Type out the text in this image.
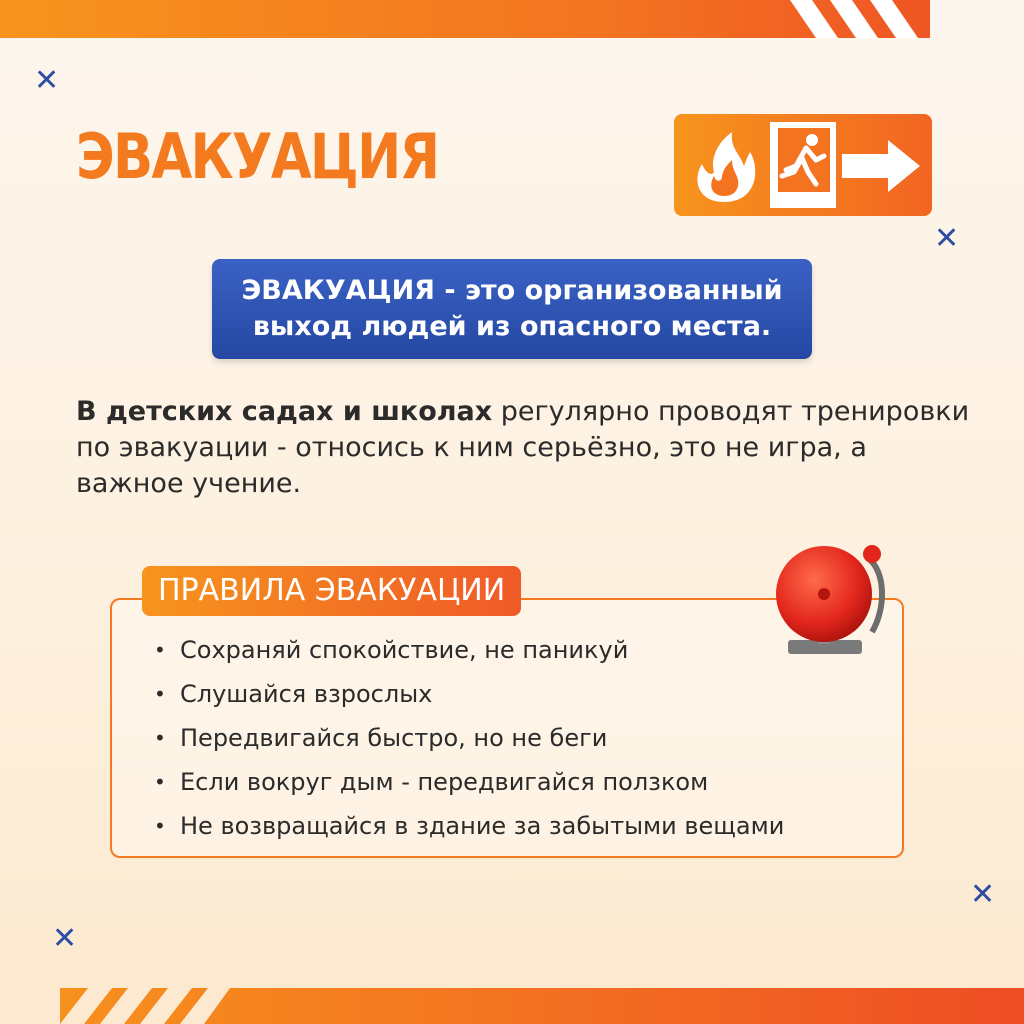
✕
✕
✕
✕
ЭВАКУАЦИЯ
ЭВАКУАЦИЯ - это организованный
выход людей из опасного места.
В детских садах и школах регулярно проводят тренировки по эвакуации - относись к ним серьёзно, это не игра, а важное учение.
ПРАВИЛА ЭВАКУАЦИИ
• Сохраняй спокойствие, не паникуй
• Слушайся взрослых
• Передвигайся быстро, но не беги
• Если вокруг дым - передвигайся ползком
• Не возвращайся в здание за забытыми вещами
